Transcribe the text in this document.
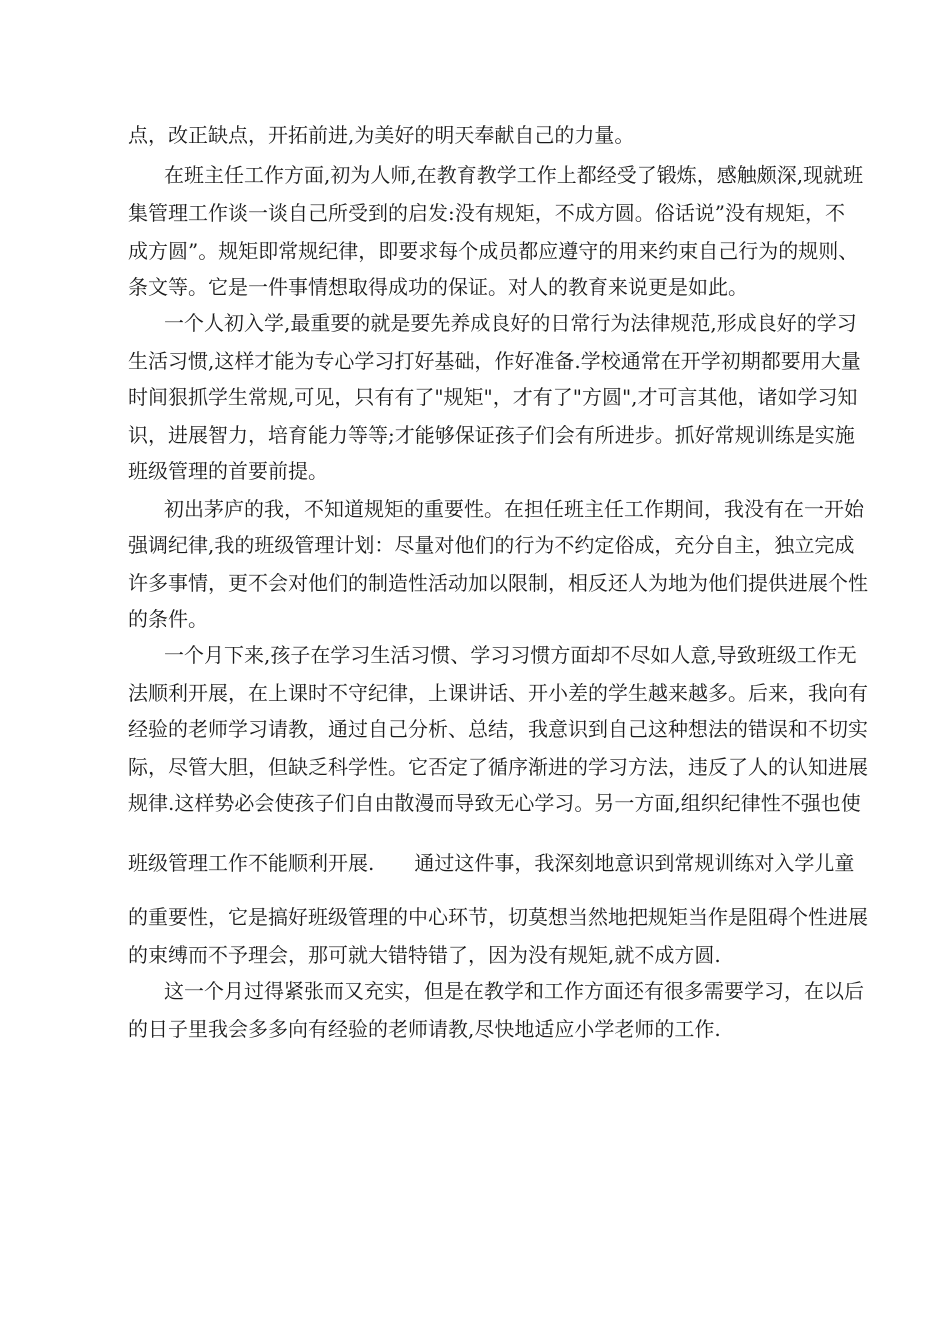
点，改正缺点，开拓前进,为美好的明天奉献自己的力量。

在班主任工作方面,初为人师,在教育教学工作上都经受了锻炼，感触颇深,现就班

集管理工作谈一谈自己所受到的启发:没有规矩，不成方圆。俗话说”没有规矩，不

成方圆”。规矩即常规纪律，即要求每个成员都应遵守的用来约束自己行为的规则、

条文等。它是一件事情想取得成功的保证。对人的教育来说更是如此。

一个人初入学,最重要的就是要先养成良好的日常行为法律规范,形成良好的学习

生活习惯,这样才能为专心学习打好基础，作好准备.学校通常在开学初期都要用大量

时间狠抓学生常规,可见，只有有了"规矩"，才有了"方圆",才可言其他，诸如学习知

识，进展智力，培育能力等等;才能够保证孩子们会有所进步。抓好常规训练是实施

班级管理的首要前提。

初出茅庐的我，不知道规矩的重要性。在担任班主任工作期间，我没有在一开始

强调纪律,我的班级管理计划：尽量对他们的行为不约定俗成，充分自主，独立完成

许多事情，更不会对他们的制造性活动加以限制，相反还人为地为他们提供进展个性

的条件。

一个月下来,孩子在学习生活习惯、学习习惯方面却不尽如人意,导致班级工作无

法顺利开展，在上课时不守纪律，上课讲话、开小差的学生越来越多。后来，我向有

经验的老师学习请教，通过自己分析、总结，我意识到自己这种想法的错误和不切实

际，尽管大胆，但缺乏科学性。它否定了循序渐进的学习方法，违反了人的认知进展

规律.这样势必会使孩子们自由散漫而导致无心学习。另一方面,组织纪律性不强也使

班级管理工作不能顺利开展.　　通过这件事，我深刻地意识到常规训练对入学儿童

的重要性，它是搞好班级管理的中心环节，切莫想当然地把规矩当作是阻碍个性进展

的束缚而不予理会，那可就大错特错了，因为没有规矩,就不成方圆.

这一个月过得紧张而又充实，但是在教学和工作方面还有很多需要学习，在以后

的日子里我会多多向有经验的老师请教,尽快地适应小学老师的工作.
